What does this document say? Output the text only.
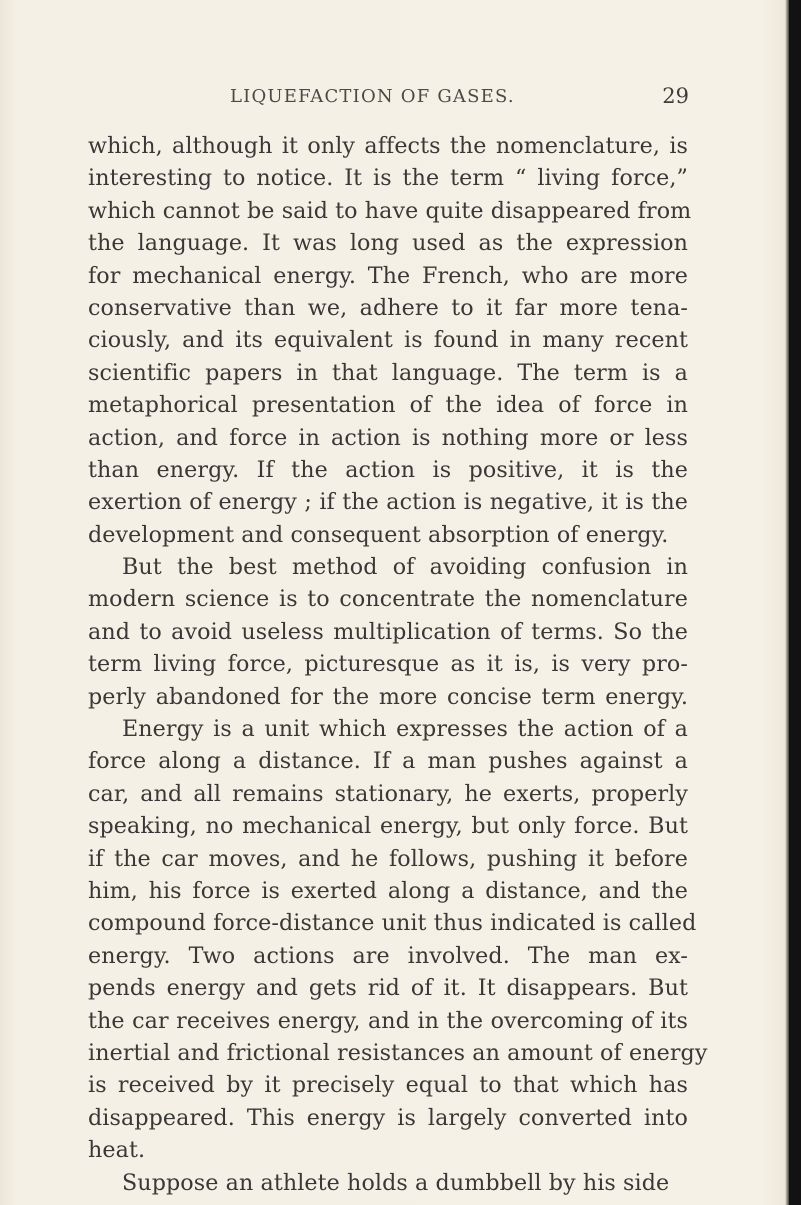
LIQUEFACTION OF GASES.	29
which, although it only affects the nomenclature, is
interesting to notice. It is the term “ living force,”
which cannot be said to have quite disappeared from
the language. It was long used as the expression
for mechanical energy. The French, who are more
conservative than we, adhere to it far more tena-
ciously, and its equivalent is found in many recent
scientific papers in that language. The term is a
metaphorical presentation of the idea of force in
action, and force in action is nothing more or less
than energy. If the action is positive, it is the
exertion of energy ; if the action is negative, it is the
development and consequent absorption of energy.
But the best method of avoiding confusion in
modern science is to concentrate the nomenclature
and to avoid useless multiplication of terms. So the
term living force, picturesque as it is, is very pro-
perly abandoned for the more concise term energy.
Energy is a unit which expresses the action of a
force along a distance. If a man pushes against a
car, and all remains stationary, he exerts, properly
speaking, no mechanical energy, but only force. But
if the car moves, and he follows, pushing it before
him, his force is exerted along a distance, and the
compound force-distance unit thus indicated is called
energy. Two actions are involved. The man ex-
pends energy and gets rid of it. It disappears. But
the car receives energy, and in the overcoming of its
inertial and frictional resistances an amount of energy
is received by it precisely equal to that which has
disappeared. This energy is largely converted into
heat.
Suppose an athlete holds a dumbbell by his side
